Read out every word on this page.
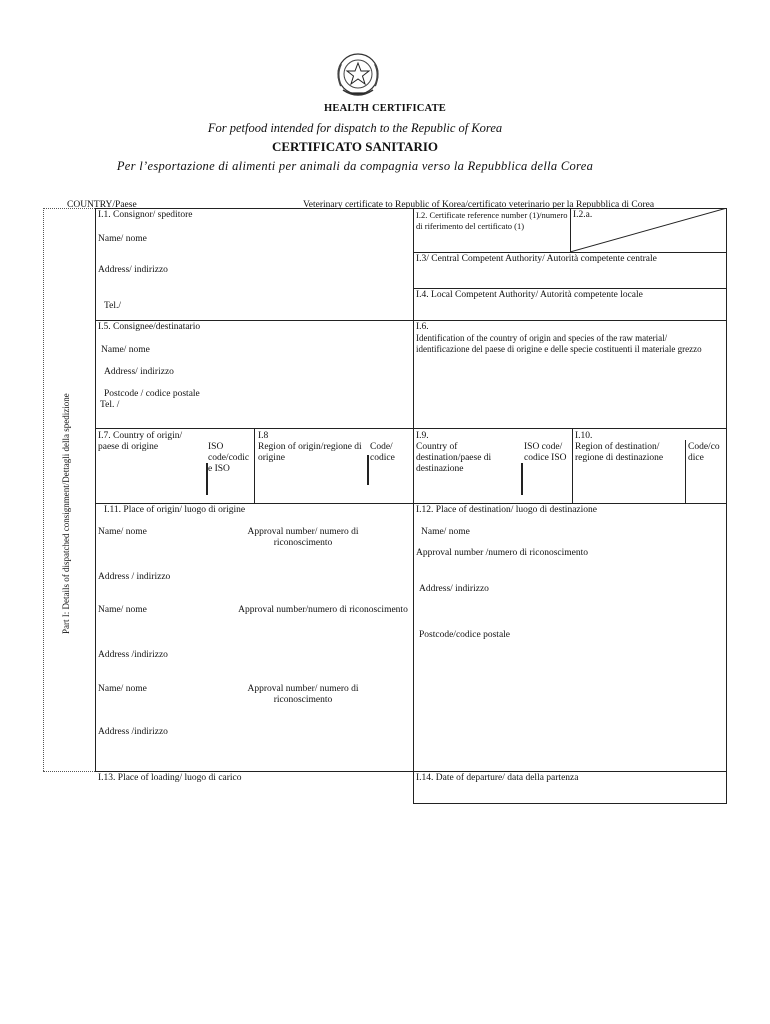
HEALTH CERTIFICATE
For petfood intended for dispatch to the Republic of Korea
CERTIFICATO SANITARIO
Per l’esportazione di alimenti per animali da compagnia verso la Repubblica della Corea
COUNTRY/Paese	Veterinary certificate to Republic of Korea/certificato veterinario per la Repubblica di Corea
Part I: Details of dispatched consignment/Dettagli della spedizione
I.1. Consignor/ speditore
Name/ nome
Address/ indirizzo
Tel./
I.2. Certificate reference number (1)/numero di riferimento del certificato (1)
I.2.a.
I.3/ Central Competent Authority/ Autorità competente centrale
I.4. Local Competent Authority/ Autorità competente locale
I.5. Consignee/destinatario
Name/ nome
Address/ indirizzo
Postcode / codice postale
Tel. /
I.6.
Identification of the country of origin and species of the raw material/ identificazione del paese di origine e delle specie costituenti il materiale grezzo
I.7. Country of origin/ paese di origine	ISO code/codic e ISO
I.8
Region of origin/regione di origine
Code/ codice
I.9.
Country of destination/paese di destinazione
ISO code/ codice ISO
I.10.
Region of destination/ regione di destinazione
Code/co dice
I.11. Place of origin/ luogo di origine
Name/ nome	Approval number/ numero di riconoscimento
Address / indirizzo
Name/ nome	Approval number/numero di riconoscimento
Address /indirizzo
Name/ nome	Approval number/ numero di riconoscimento
Address /indirizzo
I.12. Place of destination/ luogo di destinazione
Name/ nome
Approval number /numero di riconoscimento
Address/ indirizzo
Postcode/codice postale
I.13. Place of loading/ luogo di carico	I.14. Date of departure/ data della partenza
